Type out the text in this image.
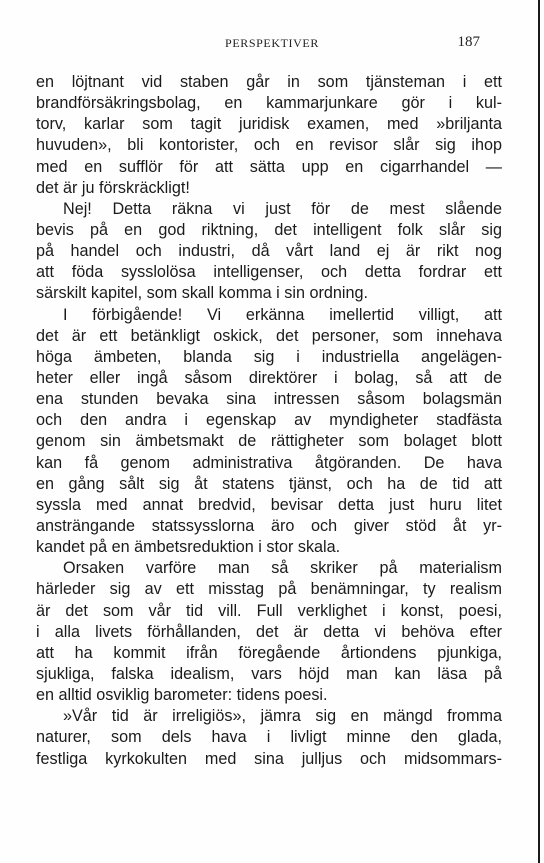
PERSPEKTIVER	187
en löjtnant vid staben går in som tjänsteman i ett
brandförsäkringsbolag, en kammarjunkare gör i kul-
torv, karlar som tagit juridisk examen, med »briljanta
huvuden», bli kontorister, och en revisor slår sig ihop
med en sufflör för att sätta upp en cigarrhandel —
det är ju förskräckligt!
Nej! Detta räkna vi just för de mest slående
bevis på en god riktning, det intelligent folk slår sig
på handel och industri, då vårt land ej är rikt nog
att föda sysslolösa intelligenser, och detta fordrar ett
särskilt kapitel, som skall komma i sin ordning.
I förbigående! Vi erkänna imellertid villigt, att
det är ett betänkligt oskick, det personer, som innehava
höga ämbeten, blanda sig i industriella angelägen-
heter eller ingå såsom direktörer i bolag, så att de
ena stunden bevaka sina intressen såsom bolagsmän
och den andra i egenskap av myndigheter stadfästa
genom sin ämbetsmakt de rättigheter som bolaget blott
kan få genom administrativa åtgöranden. De hava
en gång sålt sig åt statens tjänst, och ha de tid att
syssla med annat bredvid, bevisar detta just huru litet
ansträngande statssysslorna äro och giver stöd åt yr-
kandet på en ämbetsreduktion i stor skala.
Orsaken varföre man så skriker på materialism
härleder sig av ett misstag på benämningar, ty realism
är det som vår tid vill. Full verklighet i konst, poesi,
i alla livets förhållanden, det är detta vi behöva efter
att ha kommit ifrån föregående årtiondens pjunkiga,
sjukliga, falska idealism, vars höjd man kan läsa på
en alltid osviklig barometer: tidens poesi.
»Vår tid är irreligiös», jämra sig en mängd fromma
naturer, som dels hava i livligt minne den glada,
festliga kyrkokulten med sina julljus och midsommars-
